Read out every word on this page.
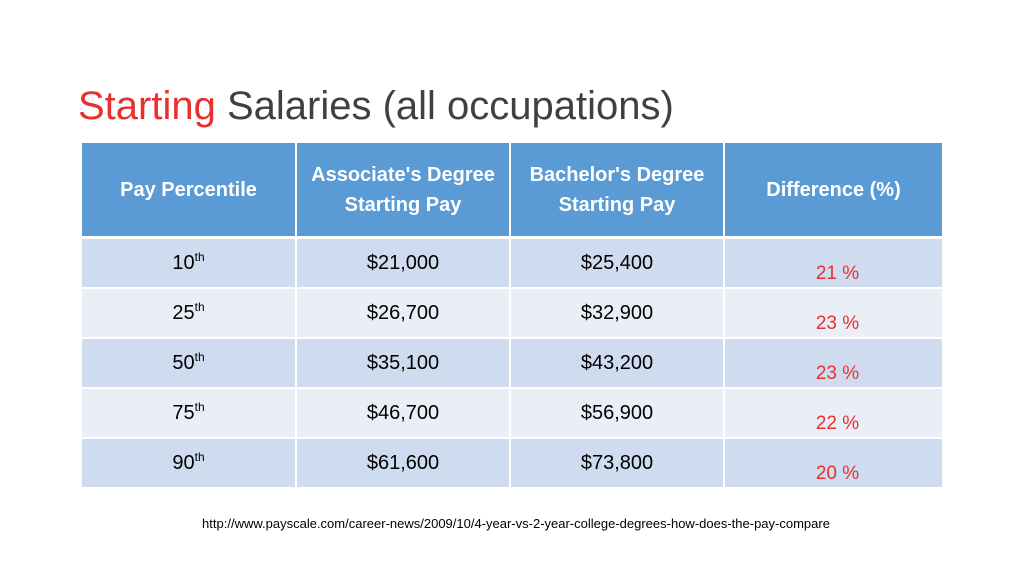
Starting Salaries (all occupations)
Pay Percentile	Associate's Degree Starting Pay	Bachelor's Degree Starting Pay	Difference (%)
10th	$21,000	$25,400	21 %
25th	$26,700	$32,900	23 %
50th	$35,100	$43,200	23 %
75th	$46,700	$56,900	22 %
90th	$61,600	$73,800	20 %
http://www.payscale.com/career-news/2009/10/4-year-vs-2-year-college-degrees-how-does-the-pay-compare
